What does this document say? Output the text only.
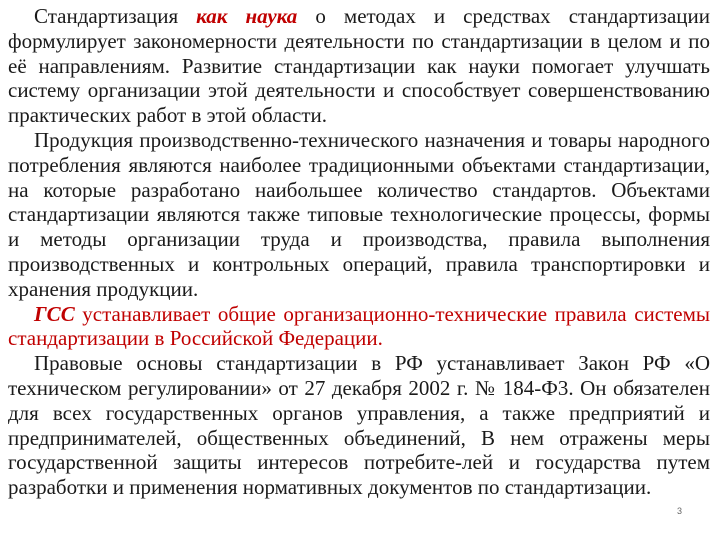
Стандартизация как наука о методах и средствах стандартизации формулирует закономерности деятельности по стандартизации в целом и по её направлениям. Развитие стандартизации как науки помогает улучшать систему организации этой деятельности и способствует совершенствованию практических работ в этой области.

Продукция производственно-технического назначения и товары народного потребления являются наиболее традиционными объектами стандартизации, на которые разработано наибольшее количество стандартов. Объектами стандартизации являются также типовые технологические процессы, формы и методы организации труда и производства, правила выполнения производственных и контрольных операций, правила транспортировки и хранения продукции.

ГСС устанавливает общие организационно-технические правила системы стандартизации в Российской Федерации.

Правовые основы стандартизации в РФ устанавливает Закон РФ «О техническом регулировании» от 27 декабря 2002 г. № 184-Ф3. Он обязателен для всех государственных органов управления, а также предприятий и предпринимателей, общественных объединений, В нем отражены меры государственной защиты интересов потребите-лей и государства путем разработки и применения нормативных документов по стандартизации.

3
